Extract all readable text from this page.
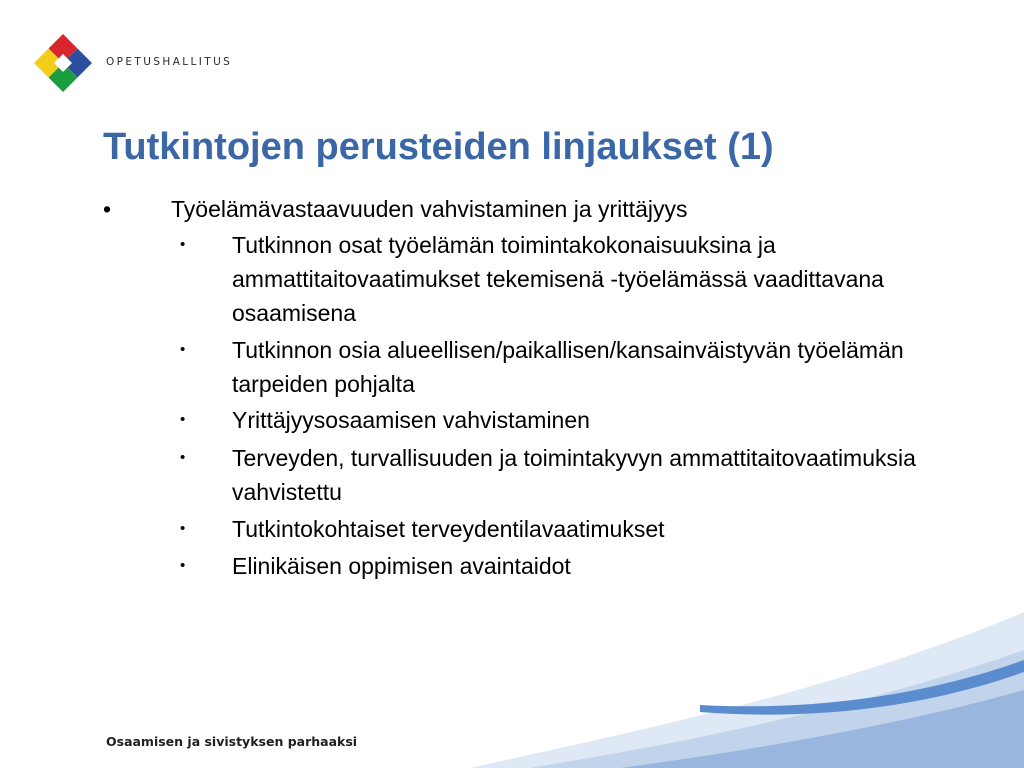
OPETUSHALLITUS
Tutkintojen perusteiden linjaukset (1)
•	Työelämävastaavuuden vahvistaminen ja yrittäjyys
• Tutkinnon osat työelämän toimintakokonaisuuksina ja ammattitaitovaatimukset tekemisenä -työelämässä vaadittavana osaamisena
• Tutkinnon osia alueellisen/paikallisen/kansainväistyvän työelämän tarpeiden pohjalta
• Yrittäjyysosaamisen vahvistaminen
• Terveyden, turvallisuuden ja toimintakyvyn ammattitaitovaatimuksia vahvistettu
• Tutkintokohtaiset terveydentilavaatimukset
• Elinikäisen oppimisen avaintaidot
Osaamisen ja sivistyksen parhaaksi
